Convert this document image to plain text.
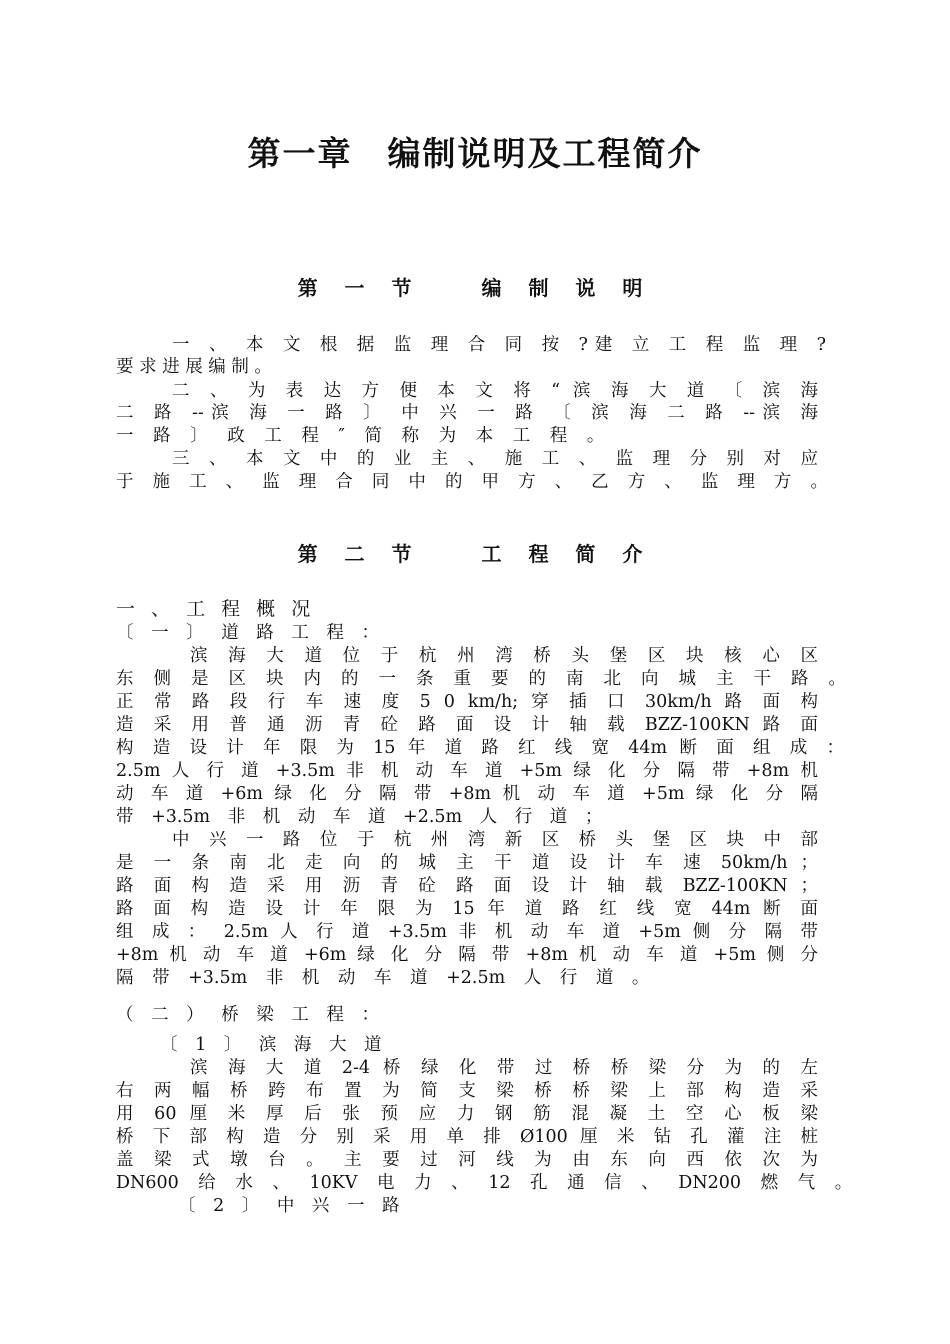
第一章　编制说明及工程简介
第 一 节　　编 制 说 明
一 、 本 文 根 据 监 理 合 同 按 ?建 立 工 程 监 理 ?
要 求 进 展 编 制 。
二 、 为 表 达 方 便 本 文 将 “ 滨 海 大 道 〔 滨 海
二 路 --滨 海 一 路 〕 中 兴 一 路 〔 滨 海 二 路 --滨 海
一 路 〕 政 工 程 ″ 简 称 为 本 工 程 。
三 、 本 文 中 的 业 主 、 施 工 、 监 理 分 别 对 应
于 施 工 、 监 理 合 同 中 的 甲 方 、 乙 方 、 监 理 方 。
第 二 节　　工 程 简 介
一 、 工 程 概 况
〔 一 〕 道 路 工 程 ：
滨 海 大 道 位 于 杭 州 湾 桥 头 堡 区 块 核 心 区
东 侧 是 区 块 内 的 一 条 重 要 的 南 北 向 城 主 干 路 。
正 常 路 段 行 车 速 度 5 0 km/h; 穿 插 口 30km/h 路 面 构
造 采 用 普 通 沥 青 砼 路 面 设 计 轴 载 BZZ-100KN 路 面
构 造 设 计 年 限 为 15 年 道 路 红 线 宽 44m 断 面 组 成 ：
2.5m 人 行 道 +3.5m 非 机 动 车 道 +5m 绿 化 分 隔 带 +8m 机
动 车 道 +6m 绿 化 分 隔 带 +8m 机 动 车 道 +5m 绿 化 分 隔
带 +3.5m 非 机 动 车 道 +2.5m 人 行 道 ；
中 兴 一 路 位 于 杭 州 湾 新 区 桥 头 堡 区 块 中 部
是 一 条 南 北 走 向 的 城 主 干 道 设 计 车 速 50km/h ；
路 面 构 造 采 用 沥 青 砼 路 面 设 计 轴 载 BZZ-100KN ；
路 面 构 造 设 计 年 限 为 15 年 道 路 红 线 宽 44m 断 面
组 成 ： 2.5m 人 行 道 +3.5m 非 机 动 车 道 +5m 侧 分 隔 带
+8m 机 动 车 道 +6m 绿 化 分 隔 带 +8m 机 动 车 道 +5m 侧 分
隔 带 +3.5m 非 机 动 车 道 +2.5m 人 行 道 。
（ 二 ） 桥 梁 工 程 ：
〔 1 〕 滨 海 大 道
滨 海 大 道 2-4 桥 绿 化 带 过 桥 桥 梁 分 为 的 左
右 两 幅 桥 跨 布 置 为 简 支 梁 桥 桥 梁 上 部 构 造 采
用 60 厘 米 厚 后 张 预 应 力 钢 筋 混 凝 土 空 心 板 梁
桥 下 部 构 造 分 别 采 用 单 排 Ø100 厘 米 钻 孔 灌 注 桩
盖 梁 式 墩 台 。 主 要 过 河 线 为 由 东 向 西 依 次 为
DN600 给 水 、 10KV 电 力 、 12 孔 通 信 、 DN200 燃 气 。
〔 2 〕 中 兴 一 路
